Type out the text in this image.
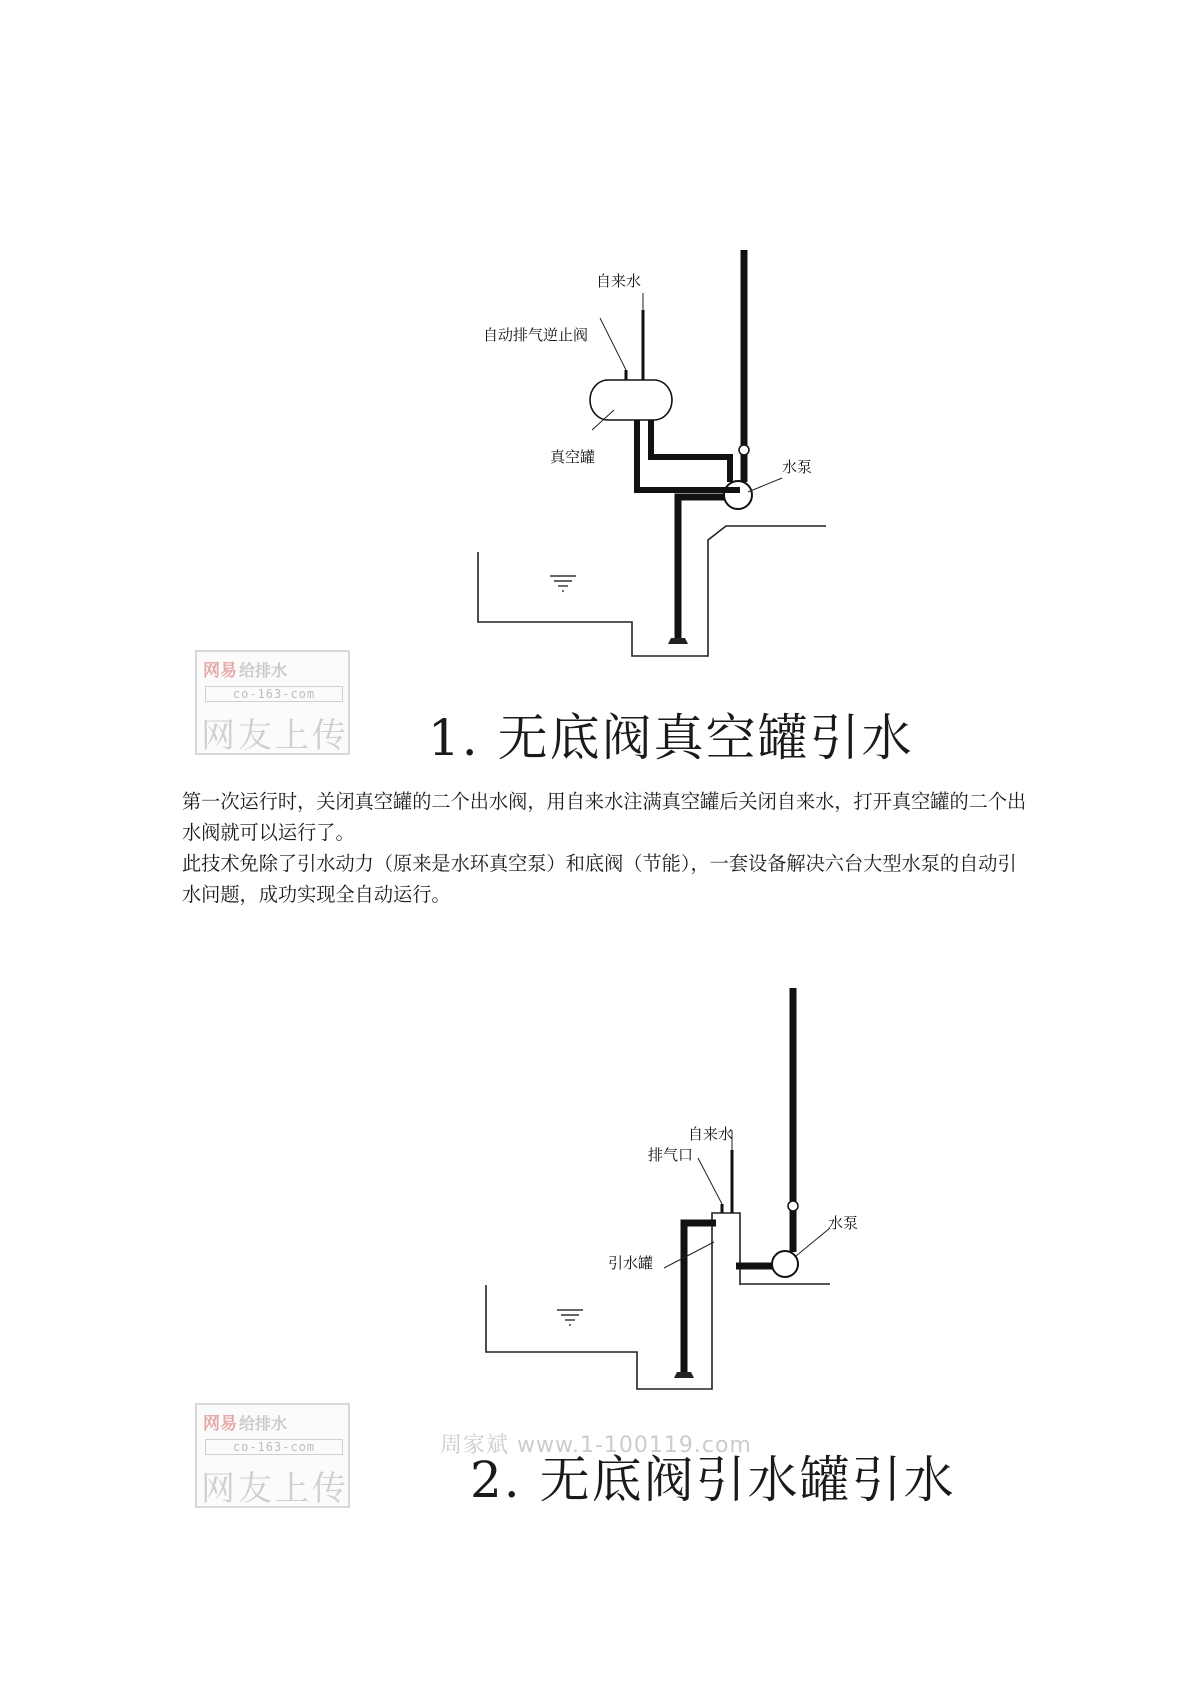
自来水
自动排气逆止阀
真空罐
水泵
网易 给排水
co-163-com
网友上传 1. 无底阀真空罐引水

第一次运行时，关闭真空罐的二个出水阀，用自来水注满真空罐后关闭自来水，打开真空罐的二个出水阀就可以运行了。

此技术免除了引水动力（原来是水环真空泵）和底阀（节能），一套设备解决六台大型水泵的自动引水问题，成功实现全自动运行。

自来水
排气口
引水罐
水泵
网易 给排水
co-163-com
网友上传 2. 无底阀引水罐引水
周家斌 www.1-100119.com
